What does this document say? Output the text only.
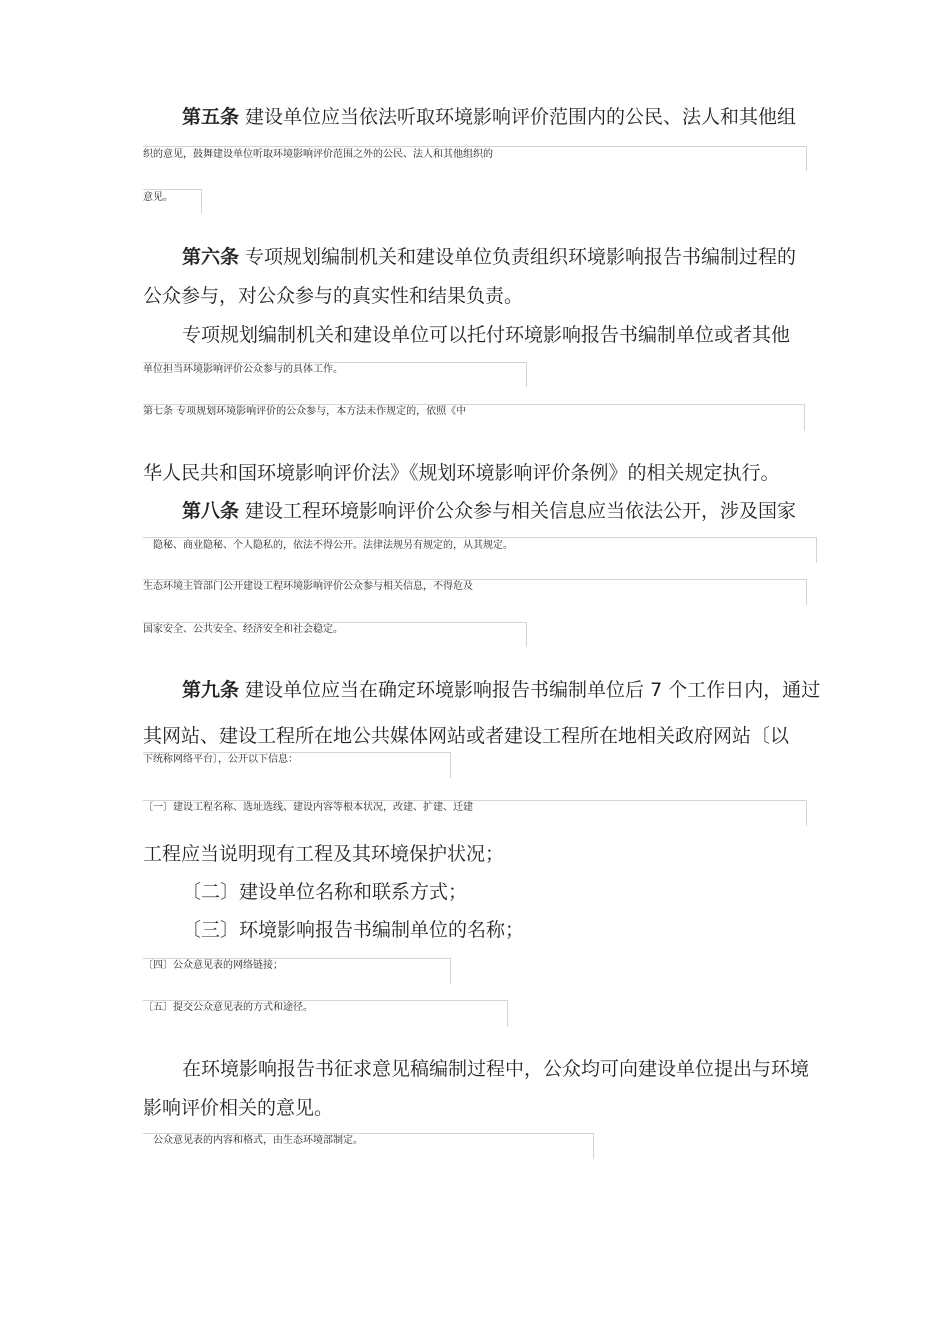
第五条 建设单位应当依法听取环境影响评价范围内的公民、法人和其他组
织的意见，鼓舞建设单位听取环境影响评价范围之外的公民、法人和其他组织的
意见。
第六条 专项规划编制机关和建设单位负责组织环境影响报告书编制过程的
公众参与，对公众参与的真实性和结果负责。
专项规划编制机关和建设单位可以托付环境影响报告书编制单位或者其他
单位担当环境影响评价公众参与的具体工作。
第七条 专项规划环境影响评价的公众参与，本方法未作规定的，依照《中
华人民共和国环境影响评价法》《规划环境影响评价条例》的相关规定执行。
第八条 建设工程环境影响评价公众参与相关信息应当依法公开，涉及国家
隐秘、商业隐秘、个人隐私的，依法不得公开。法律法规另有规定的，从其规定。
生态环境主管部门公开建设工程环境影响评价公众参与相关信息，不得危及
国家安全、公共安全、经济安全和社会稳定。
第九条 建设单位应当在确定环境影响报告书编制单位后 7 个工作日内，通过
其网站、建设工程所在地公共媒体网站或者建设工程所在地相关政府网站〔以
下统称网络平台〕，公开以下信息：
〔一〕建设工程名称、选址选线、建设内容等根本状况，改建、扩建、迁建
工程应当说明现有工程及其环境保护状况；
〔二〕建设单位名称和联系方式；
〔三〕环境影响报告书编制单位的名称；
〔四〕公众意见表的网络链接；
〔五〕提交公众意见表的方式和途径。
在环境影响报告书征求意见稿编制过程中，公众均可向建设单位提出与环境
影响评价相关的意见。
公众意见表的内容和格式，由生态环境部制定。
